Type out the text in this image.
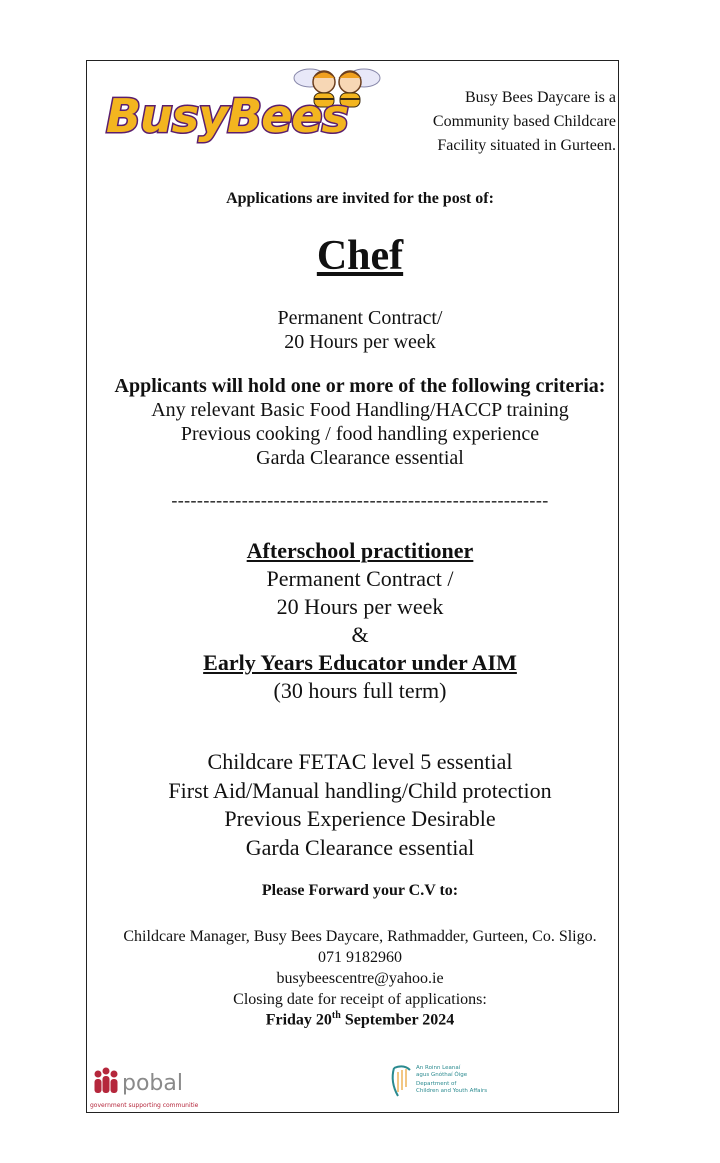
BusyBees	Busy Bees Daycare is a
Community based Childcare
Facility situated in Gurteen.
Applications are invited for the post of:
Chef
Permanent Contract/
20 Hours per week
Applicants will hold one or more of the following criteria:
Any relevant Basic Food Handling/HACCP training
Previous cooking / food handling experience
Garda Clearance essential
-----------------------------------------------------------
Afterschool practitioner
Permanent Contract /
20 Hours per week
&
Early Years Educator under AIM
(30 hours full term)
Childcare FETAC level 5 essential
First Aid/Manual handling/Child protection
Previous Experience Desirable
Garda Clearance essential
Please Forward your C.V to:
Childcare Manager, Busy Bees Daycare, Rathmadder, Gurteen, Co. Sligo.
071 9182960
busybeescentre@yahoo.ie
Closing date for receipt of applications:
Friday 20th September 2024
pobal
government supporting communities
An Roinn Leanaí
agus Gnóthaí Óige
Department of
Children and Youth Affairs
